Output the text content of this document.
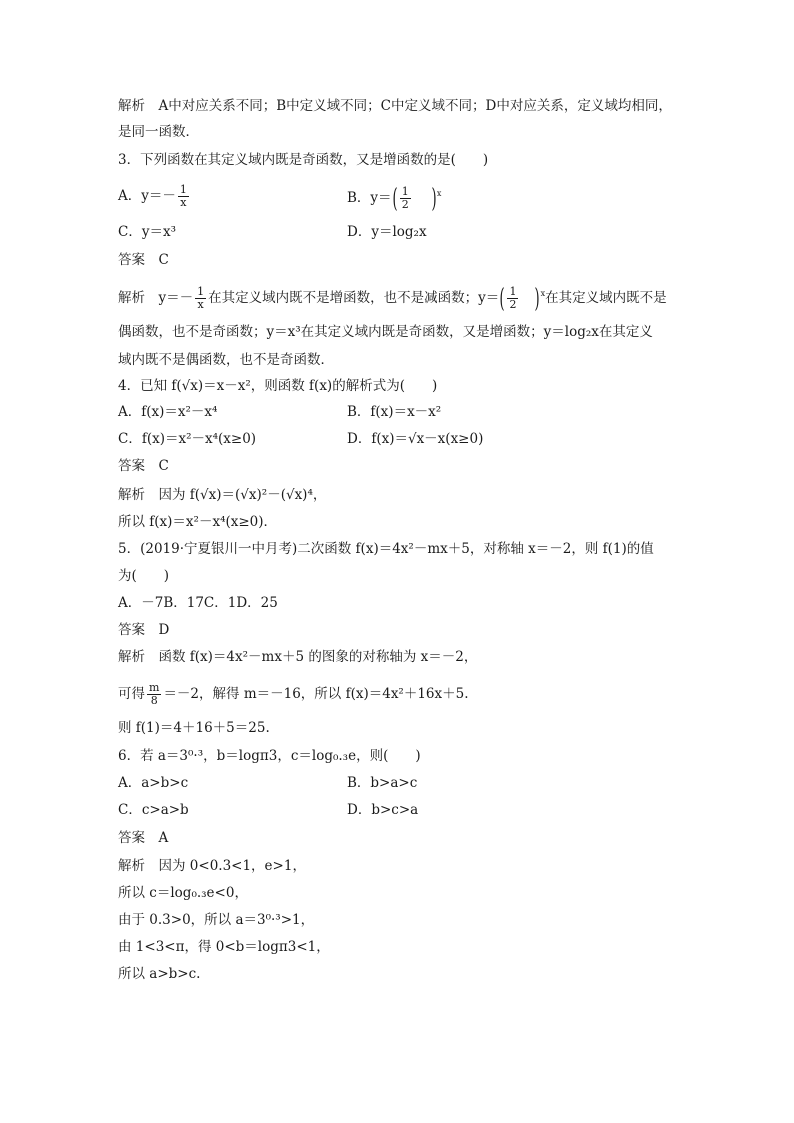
解析　A中对应关系不同；B中定义域不同；C中定义域不同；D中对应关系，定义域均相同，
是同一函数．
3．下列函数在其定义域内既是奇函数，又是增函数的是(　　)
A．$y=- \frac{1}{x}$	B．$y=( \frac{1}{2} )^x$
C．y＝x³	D．y＝log₂x
答案　C
解析　$y=- \frac{1}{x}$ 在其定义域内既不是增函数，也不是减函数；$y=( \frac{1}{2} )^x$在其定义域内既不是
偶函数，也不是奇函数；y＝x³在其定义域内既是奇函数，又是增函数；y＝log₂x在其定义
域内既不是偶函数，也不是奇函数．
4．已知 f(√x)＝x－x²，则函数 f(x)的解析式为(　　)
A．f(x)＝x²－x⁴	B．f(x)＝x－x²
C．f(x)＝x²－x⁴(x≥0)	D．f(x)＝√x－x(x≥0)
答案　C
解析　因为 f(√x)＝(√x)²－(√x)⁴，
所以 f(x)＝x²－x⁴(x≥0)．
5．(2019·宁夏银川一中月考)二次函数 f(x)＝4x²－mx＋5，对称轴 x＝－2，则 f(1)的值
为(　　)
A．－7B．17C．1D．25
答案　D
解析　函数 f(x)＝4x²－mx＋5 的图象的对称轴为 x＝－2，
可得 $\frac{m}{8} =-2$，解得 m＝－16，所以 f(x)＝4x²＋16x＋5.
则 f(1)＝4＋16＋5＝25.
6．若 a＝3⁰·³，b＝logπ3，c＝log₀.₃e，则(　　)
A．a>b>c	B．b>a>c
C．c>a>b	D．b>c>a
答案　A
解析　因为 0<0.3<1，e>1，
所以 c＝log₀.₃e<0，
由于 0.3>0，所以 a＝3⁰·³>1，
由 1<3<π，得 0<b＝logπ3<1，
所以 a>b>c.
